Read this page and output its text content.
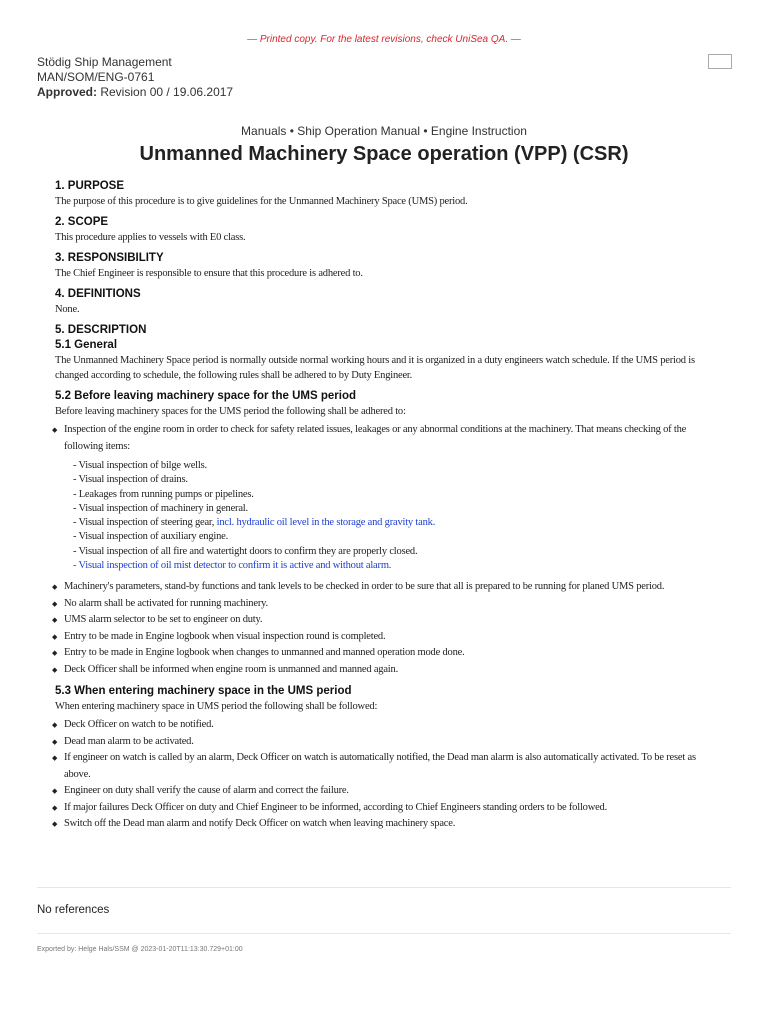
— Printed copy. For the latest revisions, check UniSea QA. —
Stödig Ship Management
MAN/SOM/ENG-0761
Approved: Revision 00 / 19.06.2017
Manuals • Ship Operation Manual • Engine Instruction
Unmanned Machinery Space operation (VPP) (CSR)
1. PURPOSE
The purpose of this procedure is to give guidelines for the Unmanned Machinery Space (UMS) period.
2. SCOPE
This procedure applies to vessels with E0 class.
3. RESPONSIBILITY
The Chief Engineer is responsible to ensure that this procedure is adhered to.
4. DEFINITIONS
None.
5. DESCRIPTION
5.1 General
The Unmanned Machinery Space period is normally outside normal working hours and it is organized in a duty engineers watch schedule. If the UMS period is changed according to schedule, the following rules shall be adhered to by Duty Engineer.
5.2 Before leaving machinery space for the UMS period
Before leaving machinery spaces for the UMS period the following shall be adhered to:
◆ Inspection of the engine room in order to check for safety related issues, leakages or any abnormal conditions at the machinery. That means checking of the following items:
- Visual inspection of bilge wells.
- Visual inspection of drains.
- Leakages from running pumps or pipelines.
- Visual inspection of machinery in general.
- Visual inspection of steering gear, incl. hydraulic oil level in the storage and gravity tank.
- Visual inspection of auxiliary engine.
- Visual inspection of all fire and watertight doors to confirm they are properly closed.
- Visual inspection of oil mist detector to confirm it is active and without alarm.
◆ Machinery's parameters, stand-by functions and tank levels to be checked in order to be sure that all is prepared to be running for planed UMS period.
◆ No alarm shall be activated for running machinery.
◆ UMS alarm selector to be set to engineer on duty.
◆ Entry to be made in Engine logbook when visual inspection round is completed.
◆ Entry to be made in Engine logbook when changes to unmanned and manned operation mode done.
◆ Deck Officer shall be informed when engine room is unmanned and manned again.
5.3 When entering machinery space in the UMS period
When entering machinery space in UMS period the following shall be followed:
◆ Deck Officer on watch to be notified.
◆ Dead man alarm to be activated.
◆ If engineer on watch is called by an alarm, Deck Officer on watch is automatically notified, the Dead man alarm is also automatically activated. To be reset as above.
◆ Engineer on duty shall verify the cause of alarm and correct the failure.
◆ If major failures Deck Officer on duty and Chief Engineer to be informed, according to Chief Engineers standing orders to be followed.
◆ Switch off the Dead man alarm and notify Deck Officer on watch when leaving machinery space.
No references
Exported by: Helge Hals/SSM @ 2023-01-20T11:13:30.729+01:00
